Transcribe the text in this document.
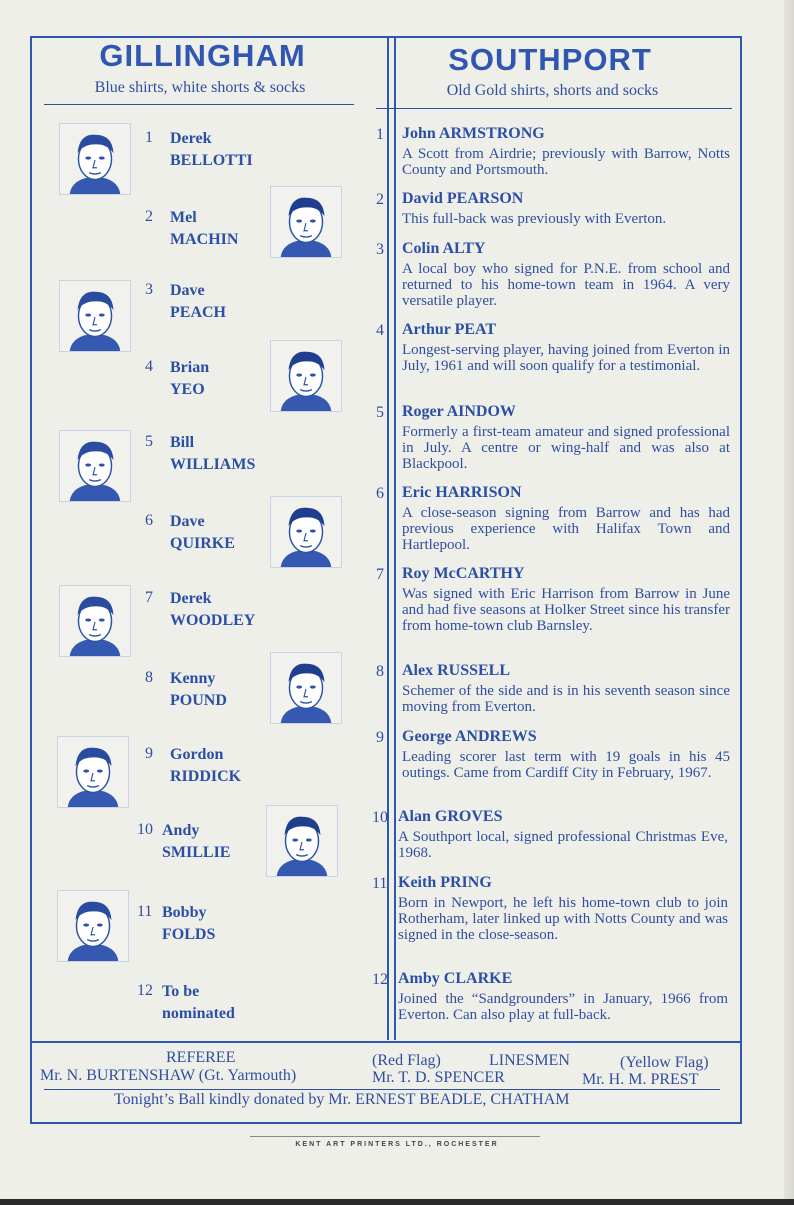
GILLINGHAM
Blue shirts, white shorts & socks
SOUTHPORT
Old Gold shirts, shorts and socks
1 Derek
BELLOTTI
2 Mel
MACHIN
3 Dave
PEACH
4 Brian
YEO
5 Bill
WILLIAMS
6 Dave
QUIRKE
7 Derek
WOODLEY
8 Kenny
POUND
9 Gordon
RIDDICK
10 Andy
SMILLIE
11 Bobby
FOLDS
12 To be
nominated
1 John ARMSTRONG
A Scott from Airdrie; previously with Barrow, Notts County and Portsmouth.
2 David PEARSON
This full-back was previously with Everton.
3 Colin ALTY
A local boy who signed for P.N.E. from school and returned to his home-town team in 1964. A very versatile player.
4 Arthur PEAT
Longest-serving player, having joined from Everton in July, 1961 and will soon qualify for a testimonial.
5 Roger AINDOW
Formerly a first-team amateur and signed professional in July. A centre or wing-half and was also at Blackpool.
6 Eric HARRISON
A close-season signing from Barrow and has had previous experience with Halifax Town and Hartlepool.
7 Roy McCARTHY
Was signed with Eric Harrison from Barrow in June and had five seasons at Holker Street since his transfer from home-town club Barnsley.
8 Alex RUSSELL
Schemer of the side and is in his seventh season since moving from Everton.
9 George ANDREWS
Leading scorer last term with 19 goals in his 45 outings. Came from Cardiff City in February, 1967.
10 Alan GROVES
A Southport local, signed professional Christmas Eve, 1968.
11 Keith PRING
Born in Newport, he left his home-town club to join Rotherham, later linked up with Notts County and was signed in the close-season.
12 Amby CLARKE
Joined the “Sandgrounders” in January, 1966 from Everton. Can also play at full-back.
REFEREE
Mr. N. BURTENSHAW (Gt. Yarmouth)
(Red Flag)	LINESMEN	(Yellow Flag)
Mr. T. D. SPENCER	Mr. H. M. PREST
Tonight’s Ball kindly donated by Mr. ERNEST BEADLE, CHATHAM
KENT ART PRINTERS LTD., ROCHESTER
